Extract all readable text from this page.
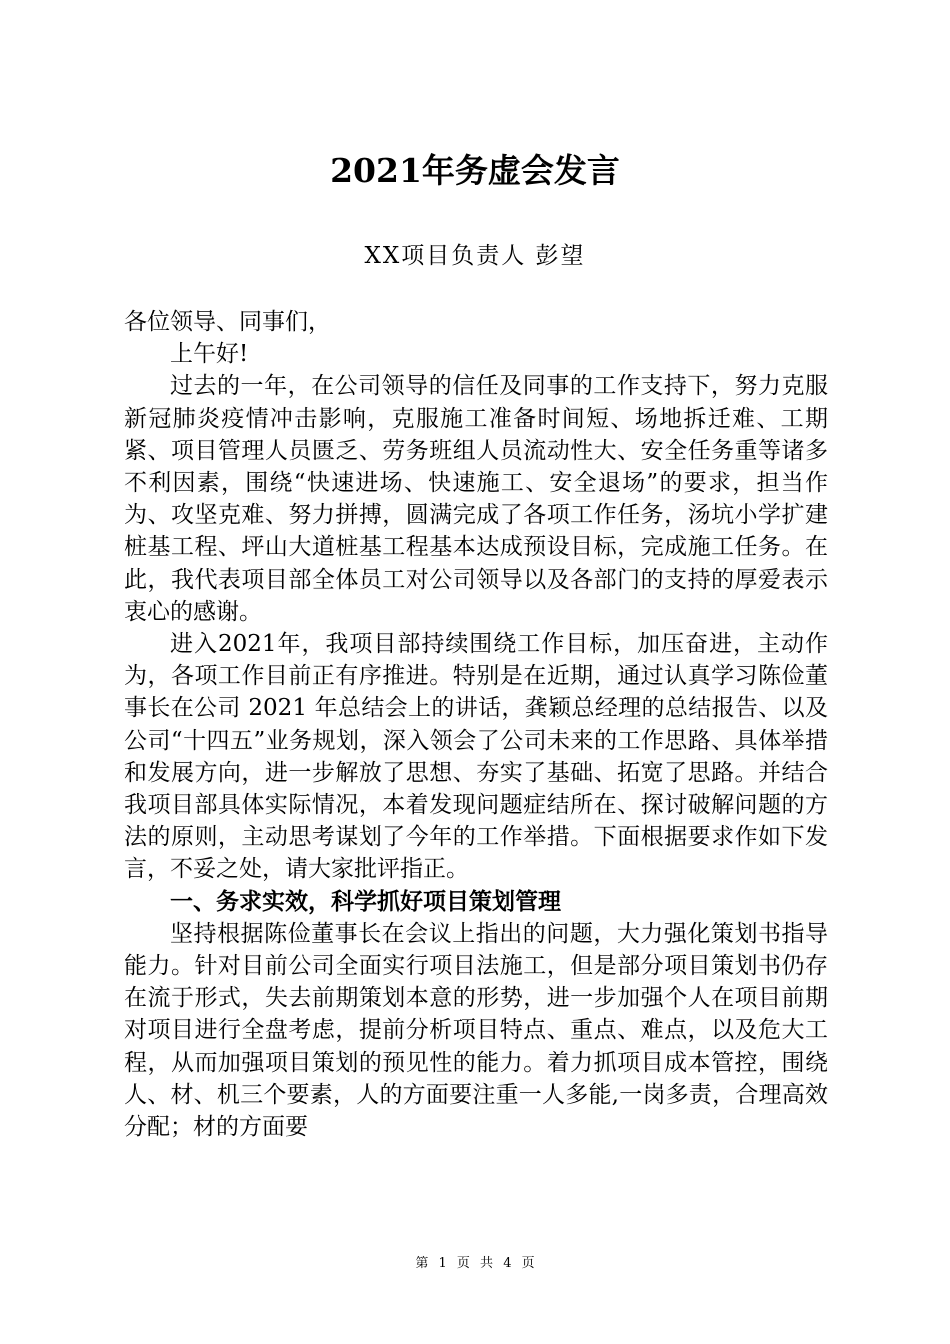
2021年务虚会发言
XX项目负责人 彭望

各位领导、同事们，

上午好!

过去的一年，在公司领导的信任及同事的工作支持下，努力克服新冠肺炎疫情冲击影响，克服施工准备时间短、场地拆迁难、工期紧、项目管理人员匮乏、劳务班组人员流动性大、安全任务重等诸多不利因素，围绕“快速进场、快速施工、安全退场”的要求，担当作为、攻坚克难、努力拼搏，圆满完成了各项工作任务，汤坑小学扩建桩基工程、坪山大道桩基工程基本达成预设目标，完成施工任务。在此，我代表项目部全体员工对公司领导以及各部门的支持的厚爱表示衷心的感谢。

进入2021年，我项目部持续围绕工作目标，加压奋进，主动作为，各项工作目前正有序推进。特别是在近期，通过认真学习陈俭董事长在公司 2021 年总结会上的讲话，龚颖总经理的总结报告、以及公司“十四五”业务规划，深入领会了公司未来的工作思路、具体举措和发展方向，进一步解放了思想、夯实了基础、拓宽了思路。并结合我项目部具体实际情况，本着发现问题症结所在、探讨破解问题的方法的原则，主动思考谋划了今年的工作举措。下面根据要求作如下发言，不妥之处，请大家批评指正。

一、务求实效，科学抓好项目策划管理

坚持根据陈俭董事长在会议上指出的问题，大力强化策划书指导能力。针对目前公司全面实行项目法施工，但是部分项目策划书仍存在流于形式，失去前期策划本意的形势，进一步加强个人在项目前期对项目进行全盘考虑，提前分析项目特点、重点、难点，以及危大工程，从而加强项目策划的预见性的能力。着力抓项目成本管控，围绕人、材、机三个要素，人的方面要注重一人多能,一岗多责，合理高效分配；材的方面要

第 1 页 共 4 页
